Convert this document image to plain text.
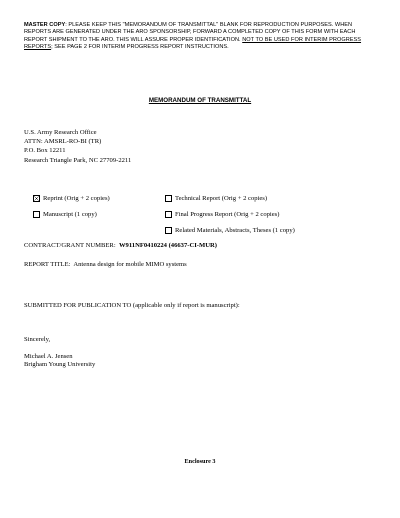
MASTER COPY: PLEASE KEEP THIS "MEMORANDUM OF TRANSMITTAL" BLANK FOR REPRODUCTION PURPOSES. WHEN REPORTS ARE GENERATED UNDER THE ARO SPONSORSHIP, FORWARD A COMPLETED COPY OF THIS FORM WITH EACH REPORT SHIPMENT TO THE ARO. THIS WILL ASSURE PROPER IDENTIFICATION. NOT TO BE USED FOR INTERIM PROGRESS REPORTS; SEE PAGE 2 FOR INTERIM PROGRESS REPORT INSTRUCTIONS.
MEMORANDUM OF TRANSMITTAL
U.S. Army Research Office
ATTN: AMSRL-RO-BI (TR)
P.O. Box 12211
Research Triangle Park, NC 27709-2211
Reprint (Orig + 2 copies)	Technical Report (Orig + 2 copies)
Manuscript (1 copy)	Final Progress Report (Orig + 2 copies)
Related Materials, Abstracts, Theses (1 copy)
CONTRACT/GRANT NUMBER: W911NF0410224 (46637-CI-MUR)
REPORT TITLE: Antenna design for mobile MIMO systems
SUBMITTED FOR PUBLICATION TO (applicable only if report is manuscript):
Sincerely,
Michael A. Jensen
Brigham Young University
Enclosure 3
